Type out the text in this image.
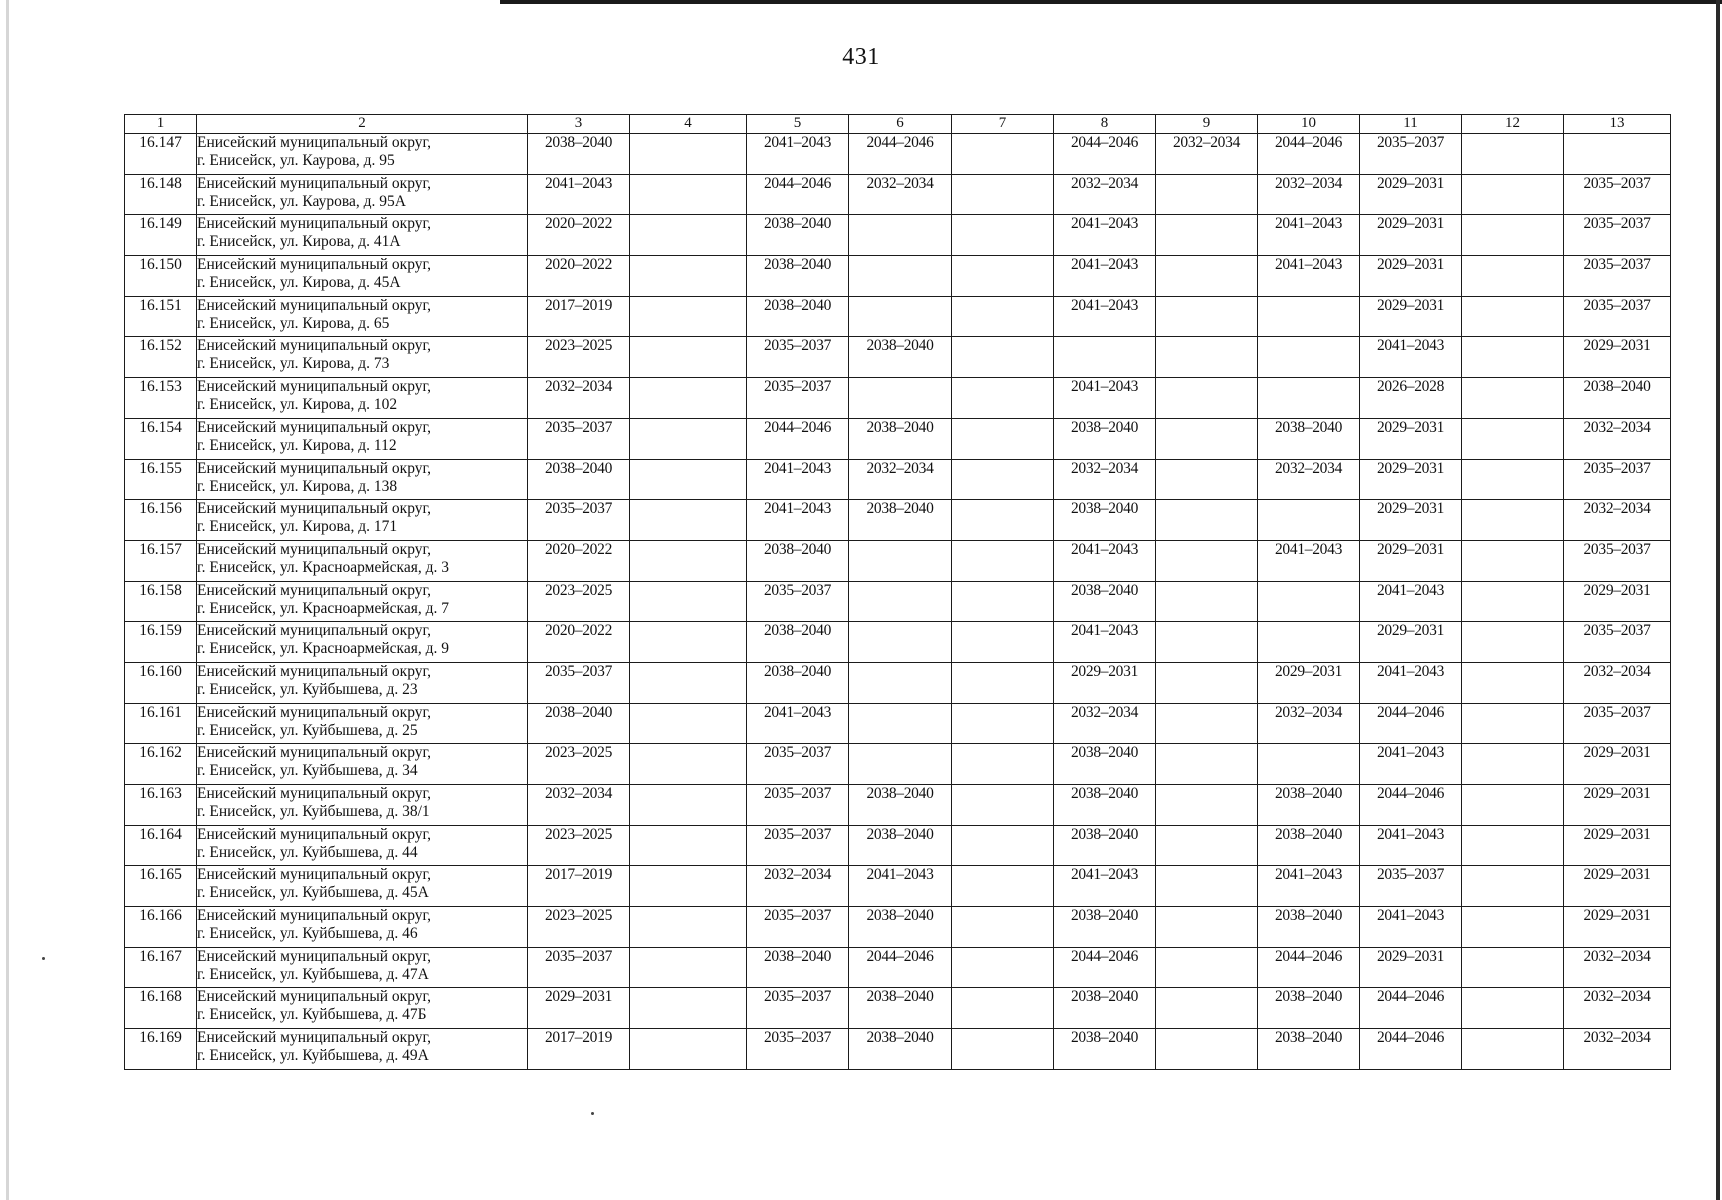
431
1	2	3	4	5	6	7	8	9	10	11	12	13
16.147	Енисейский муниципальный округ,
г. Енисейск, ул. Каурова, д. 95	2038–2040		2041–2043	2044–2046		2044–2046	2032–2034	2044–2046	2035–2037		
16.148	Енисейский муниципальный округ,
г. Енисейск, ул. Каурова, д. 95А	2041–2043		2044–2046	2032–2034		2032–2034		2032–2034	2029–2031		2035–2037
16.149	Енисейский муниципальный округ,
г. Енисейск, ул. Кирова, д. 41А	2020–2022		2038–2040			2041–2043		2041–2043	2029–2031		2035–2037
16.150	Енисейский муниципальный округ,
г. Енисейск, ул. Кирова, д. 45А	2020–2022		2038–2040			2041–2043		2041–2043	2029–2031		2035–2037
16.151	Енисейский муниципальный округ,
г. Енисейск, ул. Кирова, д. 65	2017–2019		2038–2040			2041–2043			2029–2031		2035–2037
16.152	Енисейский муниципальный округ,
г. Енисейск, ул. Кирова, д. 73	2023–2025		2035–2037	2038–2040					2041–2043		2029–2031
16.153	Енисейский муниципальный округ,
г. Енисейск, ул. Кирова, д. 102	2032–2034		2035–2037			2041–2043			2026–2028		2038–2040
16.154	Енисейский муниципальный округ,
г. Енисейск, ул. Кирова, д. 112	2035–2037		2044–2046	2038–2040		2038–2040		2038–2040	2029–2031		2032–2034
16.155	Енисейский муниципальный округ,
г. Енисейск, ул. Кирова, д. 138	2038–2040		2041–2043	2032–2034		2032–2034		2032–2034	2029–2031		2035–2037
16.156	Енисейский муниципальный округ,
г. Енисейск, ул. Кирова, д. 171	2035–2037		2041–2043	2038–2040		2038–2040			2029–2031		2032–2034
16.157	Енисейский муниципальный округ,
г. Енисейск, ул. Красноармейская, д. 3	2020–2022		2038–2040			2041–2043		2041–2043	2029–2031		2035–2037
16.158	Енисейский муниципальный округ,
г. Енисейск, ул. Красноармейская, д. 7	2023–2025		2035–2037			2038–2040			2041–2043		2029–2031
16.159	Енисейский муниципальный округ,
г. Енисейск, ул. Красноармейская, д. 9	2020–2022		2038–2040			2041–2043			2029–2031		2035–2037
16.160	Енисейский муниципальный округ,
г. Енисейск, ул. Куйбышева, д. 23	2035–2037		2038–2040			2029–2031		2029–2031	2041–2043		2032–2034
16.161	Енисейский муниципальный округ,
г. Енисейск, ул. Куйбышева, д. 25	2038–2040		2041–2043			2032–2034		2032–2034	2044–2046		2035–2037
16.162	Енисейский муниципальный округ,
г. Енисейск, ул. Куйбышева, д. 34	2023–2025		2035–2037			2038–2040			2041–2043		2029–2031
16.163	Енисейский муниципальный округ,
г. Енисейск, ул. Куйбышева, д. 38/1	2032–2034		2035–2037	2038–2040		2038–2040		2038–2040	2044–2046		2029–2031
16.164	Енисейский муниципальный округ,
г. Енисейск, ул. Куйбышева, д. 44	2023–2025		2035–2037	2038–2040		2038–2040		2038–2040	2041–2043		2029–2031
16.165	Енисейский муниципальный округ,
г. Енисейск, ул. Куйбышева, д. 45А	2017–2019		2032–2034	2041–2043		2041–2043		2041–2043	2035–2037		2029–2031
16.166	Енисейский муниципальный округ,
г. Енисейск, ул. Куйбышева, д. 46	2023–2025		2035–2037	2038–2040		2038–2040		2038–2040	2041–2043		2029–2031
16.167	Енисейский муниципальный округ,
г. Енисейск, ул. Куйбышева, д. 47А	2035–2037		2038–2040	2044–2046		2044–2046		2044–2046	2029–2031		2032–2034
16.168	Енисейский муниципальный округ,
г. Енисейск, ул. Куйбышева, д. 47Б	2029–2031		2035–2037	2038–2040		2038–2040		2038–2040	2044–2046		2032–2034
16.169	Енисейский муниципальный округ,
г. Енисейск, ул. Куйбышева, д. 49А	2017–2019		2035–2037	2038–2040		2038–2040		2038–2040	2044–2046		2032–2034
